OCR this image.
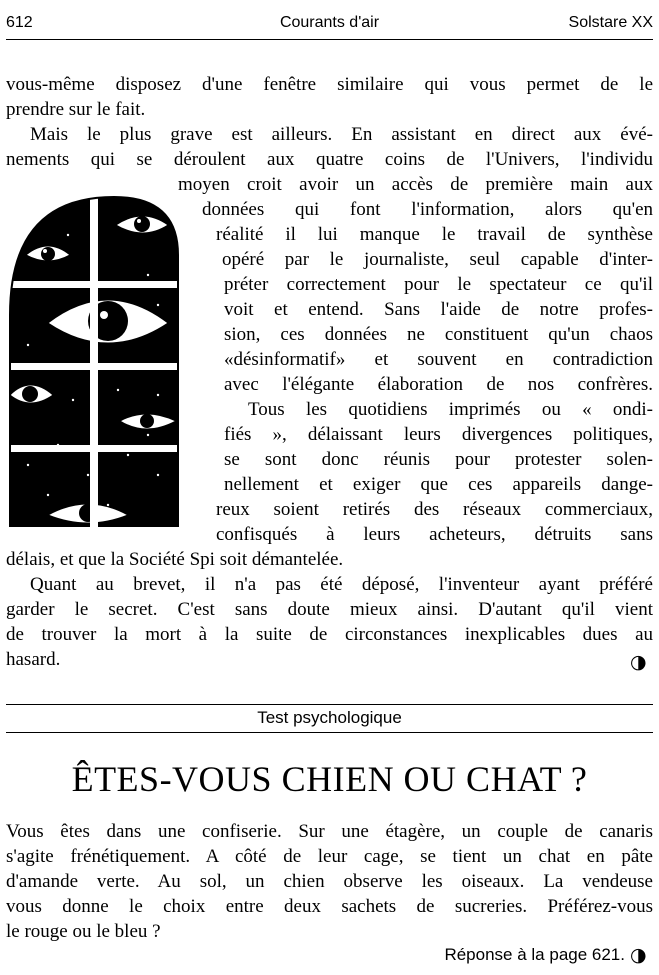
612	Courants d'air	Solstare XX
vous-même disposez d'une fenêtre similaire qui vous permet de le
prendre sur le fait.
Mais le plus grave est ailleurs. En assistant en direct aux évé-
nements qui se déroulent aux quatre coins de l'Univers, l'individu
moyen croit avoir un accès de première main aux
données qui font l'information, alors qu'en
réalité il lui manque le travail de synthèse
opéré par le journaliste, seul capable d'inter-
préter correctement pour le spectateur ce qu'il
voit et entend. Sans l'aide de notre profes-
sion, ces données ne constituent qu'un chaos
«désinformatif» et souvent en contradiction
avec l'élégante élaboration de nos confrères.
Tous les quotidiens imprimés ou « ondi-
fiés », délaissant leurs divergences politiques,
se sont donc réunis pour protester solen-
nellement et exiger que ces appareils dange-
reux soient retirés des réseaux commerciaux,
confisqués à leurs acheteurs, détruits sans
délais, et que la Société Spi soit démantelée.
Quant au brevet, il n'a pas été déposé, l'inventeur ayant préféré
garder le secret. C'est sans doute mieux ainsi. D'autant qu'il vient
de trouver la mort à la suite de circonstances inexplicables dues au
hasard.	◑
S.TENIER
Test psychologique
ÊTES-VOUS CHIEN OU CHAT ?
Vous êtes dans une confiserie. Sur une étagère, un couple de canaris
s'agite frénétiquement. A côté de leur cage, se tient un chat en pâte
d'amande verte. Au sol, un chien observe les oiseaux. La vendeuse
vous donne le choix entre deux sachets de sucreries. Préférez-vous
le rouge ou le bleu ?
Réponse à la page 621. ◑
